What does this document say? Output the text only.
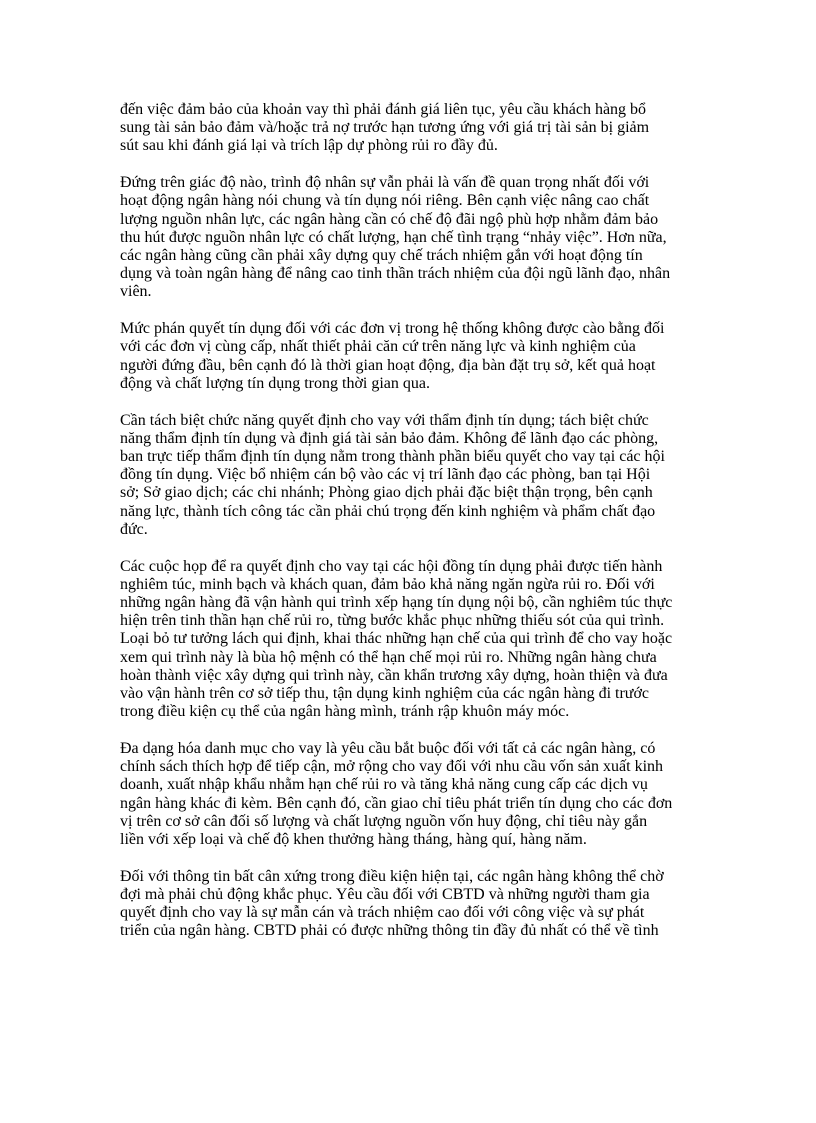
đến việc đảm bảo của khoản vay thì phải đánh giá liên tục, yêu cầu khách hàng bổ
sung tài sản bảo đảm và/hoặc trả nợ trước hạn tương ứng với giá trị tài sản bị giảm
sút sau khi đánh giá lại và trích lập dự phòng rủi ro đầy đủ.

Đứng trên giác độ nào, trình độ nhân sự vẫn phải là vấn đề quan trọng nhất đối với
hoạt động ngân hàng nói chung và tín dụng nói riêng. Bên cạnh việc nâng cao chất
lượng nguồn nhân lực, các ngân hàng cần có chế độ đãi ngộ phù hợp nhằm đảm bảo
thu hút được nguồn nhân lực có chất lượng, hạn chế tình trạng “nhảy việc”. Hơn nữa,
các ngân hàng cũng cần phải xây dựng quy chế trách nhiệm gắn với hoạt động tín
dụng và toàn ngân hàng để nâng cao tinh thần trách nhiệm của đội ngũ lãnh đạo, nhân
viên.

Mức phán quyết tín dụng đối với các đơn vị trong hệ thống không được cào bằng đối
với các đơn vị cùng cấp, nhất thiết phải căn cứ trên năng lực và kinh nghiệm của
người đứng đầu, bên cạnh đó là thời gian hoạt động, địa bàn đặt trụ sở, kết quả hoạt
động và chất lượng tín dụng trong thời gian qua.

Cần tách biệt chức năng quyết định cho vay với thẩm định tín dụng; tách biệt chức
năng thẩm định tín dụng và định giá tài sản bảo đảm. Không để lãnh đạo các phòng,
ban trực tiếp thẩm định tín dụng nằm trong thành phần biểu quyết cho vay tại các hội
đồng tín dụng. Việc bổ nhiệm cán bộ vào các vị trí lãnh đạo các phòng, ban tại Hội
sở; Sở giao dịch; các chi nhánh; Phòng giao dịch phải đặc biệt thận trọng, bên cạnh
năng lực, thành tích công tác cần phải chú trọng đến kinh nghiệm và phẩm chất đạo
đức.

Các cuộc họp để ra quyết định cho vay tại các hội đồng tín dụng phải được tiến hành
nghiêm túc, minh bạch và khách quan, đảm bảo khả năng ngăn ngừa rủi ro. Đối với
những ngân hàng đã vận hành qui trình xếp hạng tín dụng nội bộ, cần nghiêm túc thực
hiện trên tinh thần hạn chế rủi ro, từng bước khắc phục những thiếu sót của qui trình.
Loại bỏ tư tưởng lách qui định, khai thác những hạn chế của qui trình để cho vay hoặc
xem qui trình này là bùa hộ mệnh có thể hạn chế mọi rủi ro. Những ngân hàng chưa
hoàn thành việc xây dựng qui trình này, cần khẩn trương xây dựng, hoàn thiện và đưa
vào vận hành trên cơ sở tiếp thu, tận dụng kinh nghiệm của các ngân hàng đi trước
trong điều kiện cụ thể của ngân hàng mình, tránh rập khuôn máy móc.

Đa dạng hóa danh mục cho vay là yêu cầu bắt buộc đối với tất cả các ngân hàng, có
chính sách thích hợp để tiếp cận, mở rộng cho vay đối với nhu cầu vốn sản xuất kinh
doanh, xuất nhập khẩu nhằm hạn chế rủi ro và tăng khả năng cung cấp các dịch vụ
ngân hàng khác đi kèm. Bên cạnh đó, cần giao chỉ tiêu phát triển tín dụng cho các đơn
vị trên cơ sở cân đối số lượng và chất lượng nguồn vốn huy động, chỉ tiêu này gắn
liền với xếp loại và chế độ khen thưởng hàng tháng, hàng quí, hàng năm.

Đối với thông tin bất cân xứng trong điều kiện hiện tại, các ngân hàng không thể chờ
đợi mà phải chủ động khắc phục. Yêu cầu đối với CBTD và những người tham gia
quyết định cho vay là sự mẫn cán và trách nhiệm cao đối với công việc và sự phát
triển của ngân hàng. CBTD phải có được những thông tin đầy đủ nhất có thể về tình
